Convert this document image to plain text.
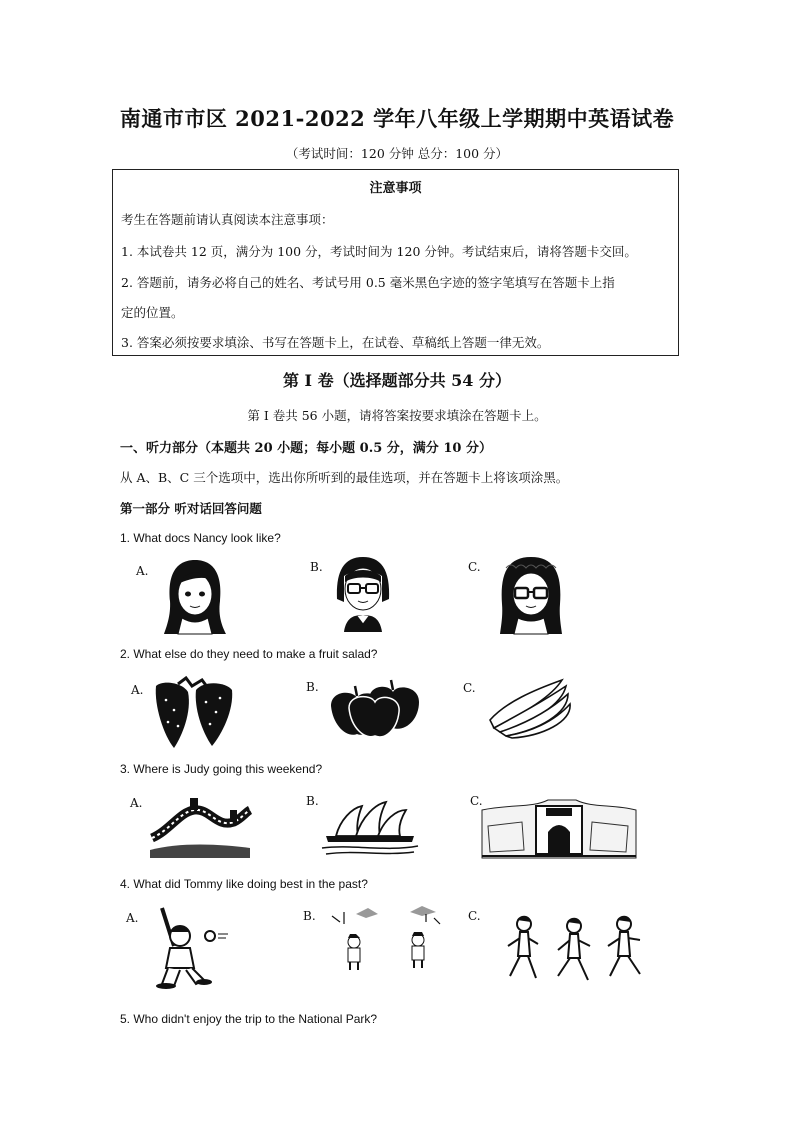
南通市市区 2021-2022 学年八年级上学期期中英语试卷
（考试时间：120 分钟 总分：100 分）
注意事项
考生在答题前请认真阅读本注意事项：
1. 本试卷共 12 页，满分为 100 分，考试时间为 120 分钟。考试结束后，请将答题卡交回。
2. 答题前，请务必将自己的姓名、考试号用 0.5 毫米黑色字迹的签字笔填写在答题卡上指
定的位置。
3. 答案必须按要求填涂、书写在答题卡上，在试卷、草稿纸上答题一律无效。
第 I 卷（选择题部分共 54 分）
第 I 卷共 56 小题，请将答案按要求填涂在答题卡上。
一、听力部分（本题共 20 小题；每小题 0.5 分，满分 10 分）
从 A、B、C 三个选项中，选出你所听到的最佳选项，并在答题卡上将该项涂黑。
第一部分 听对话回答问题
1. What docs Nancy look like?
A.	B.	C.
2. What else do they need to make a fruit salad?
A.	B.	C.
3. Where is Judy going this weekend?
A.	B.	C.
4. What did Tommy like doing best in the past?
A.	B.	C.
5. Who didn't enjoy the trip to the National Park?
